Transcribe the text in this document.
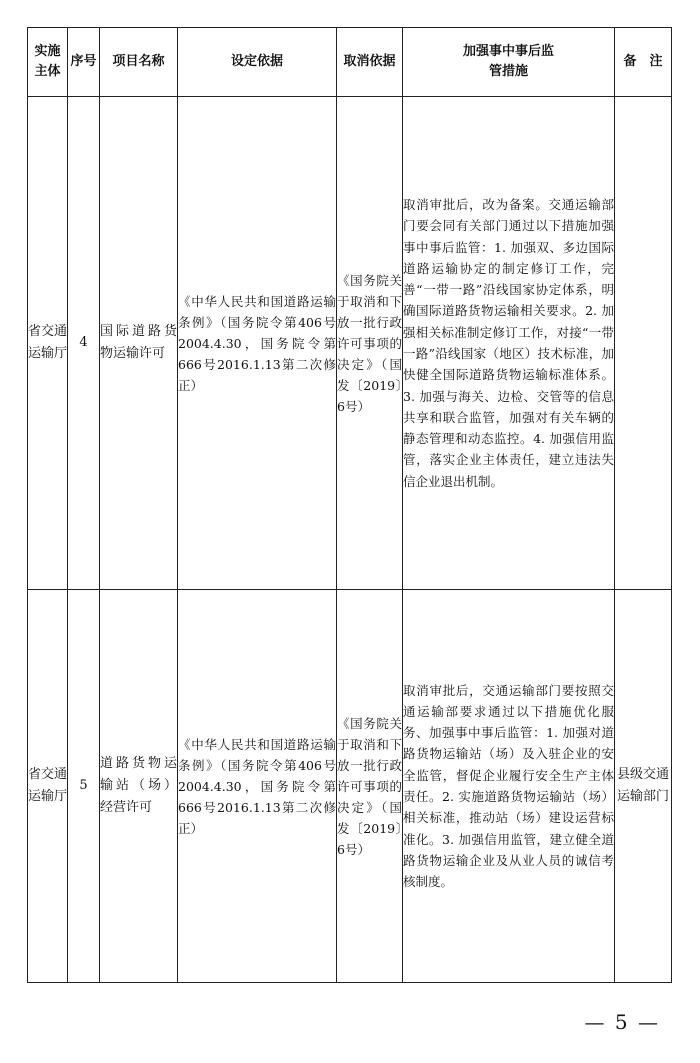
实施主体	序号	项目名称	设定依据	取消依据	加强事中事后监管措施	备　注
省交通运输厅	4	国际道路货物运输许可	《中华人民共和国道路运输条例》（国务院令第406号2004.4.30，国务院令第666号2016.1.13第二次修正）	《国务院关于取消和下放一批行政许可事项的决定》（国发〔2019〕6号）	取消审批后，改为备案。交通运输部门要会同有关部门通过以下措施加强事中事后监管：1. 加强双、多边国际道路运输协定的制定修订工作，完善“一带一路”沿线国家协定体系，明确国际道路货物运输相关要求。2. 加强相关标准制定修订工作，对接“一带一路”沿线国家（地区）技术标准，加快健全国际道路货物运输标准体系。3. 加强与海关、边检、交管等的信息共享和联合监管，加强对有关车辆的静态管理和动态监控。4. 加强信用监管，落实企业主体责任，建立违法失信企业退出机制。	
省交通运输厅	5	道路货物运输站（场）经营许可	《中华人民共和国道路运输条例》（国务院令第406号2004.4.30，国务院令第666号2016.1.13第二次修正）	《国务院关于取消和下放一批行政许可事项的决定》（国发〔2019〕6号）	取消审批后，交通运输部门要按照交通运输部要求通过以下措施优化服务、加强事中事后监管：1. 加强对道路货物运输站（场）及入驻企业的安全监管，督促企业履行安全生产主体责任。2. 实施道路货物运输站（场）相关标准，推动站（场）建设运营标准化。3. 加强信用监管，建立健全道路货物运输企业及从业人员的诚信考核制度。	县级交通运输部门
— 5 —
